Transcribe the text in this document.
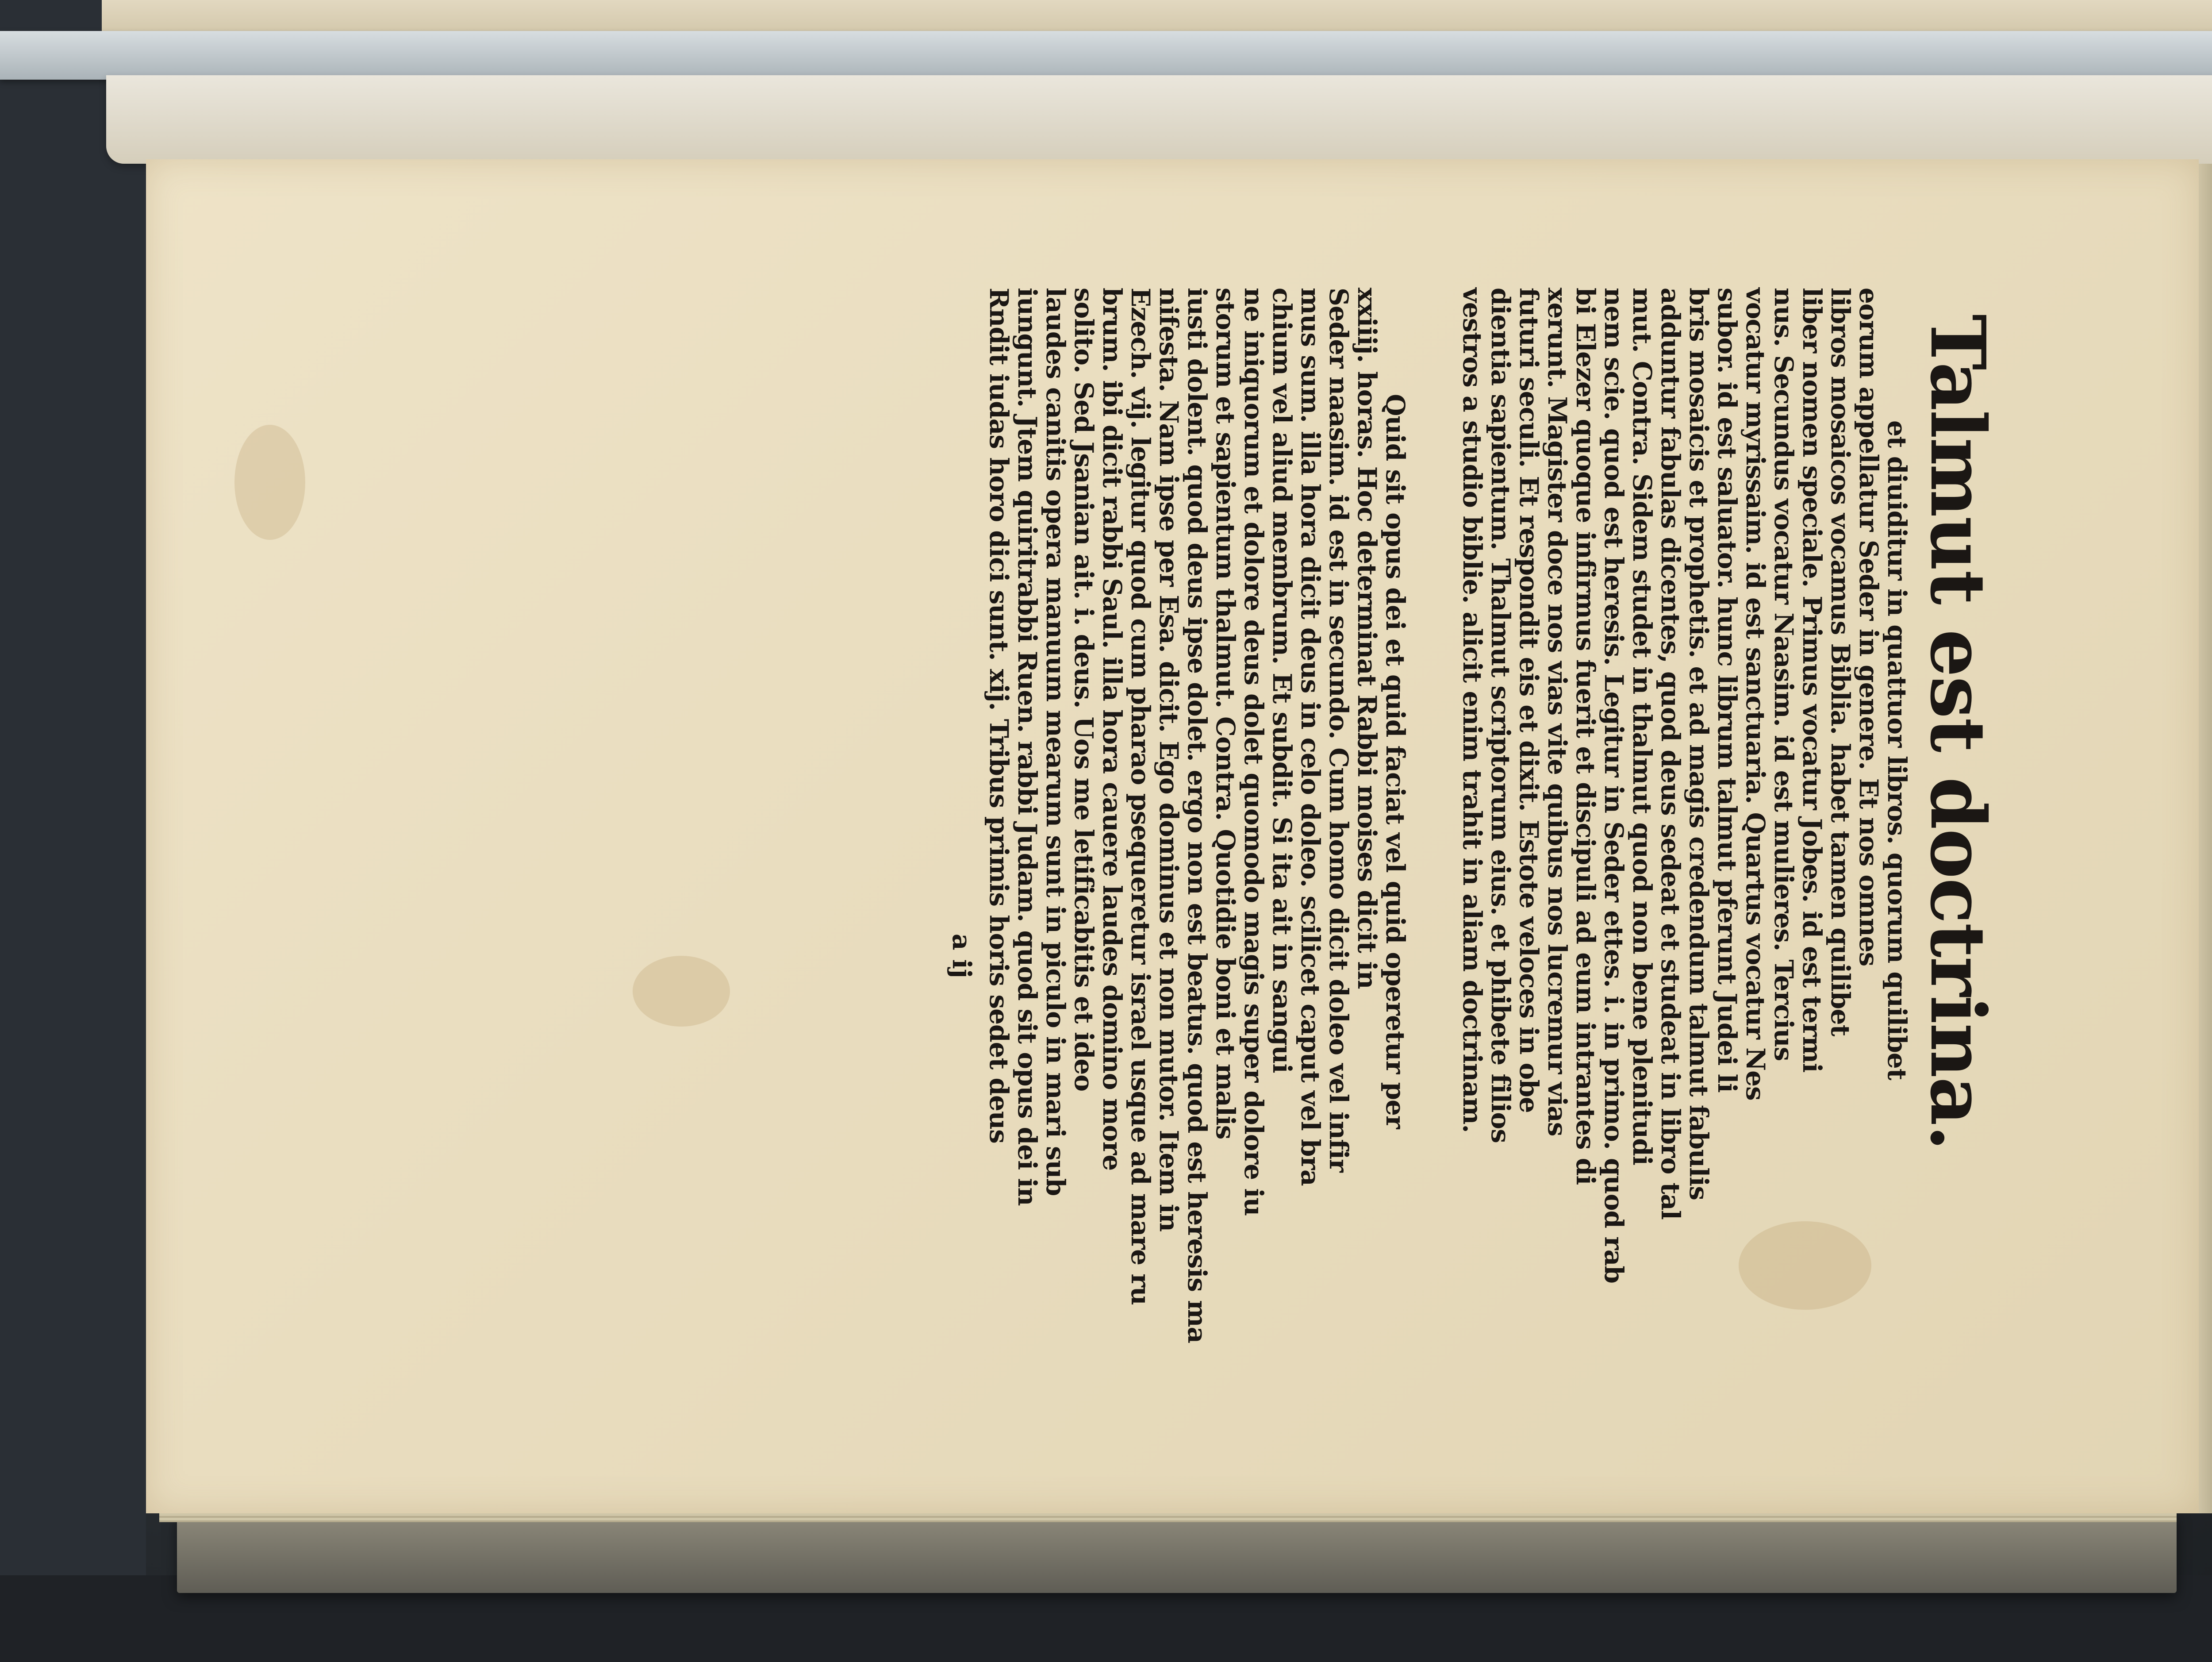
Talmut est doctrina.
et diuiditur in quattuor libros. quorum quilibet
eorum appellatur Seder in genere. Et nos omnes
libros mosaicos vocamus Biblia. habet tamen quilibet
liber nomen speciale. Primus vocatur Jobes. id est termi
nus. Secundus vocatur Naasim. id est mulieres. Tercius
vocatur myrissaim. id est sanctuaria. Quartus vocatur Nes
subor. id est saluator. hunc librum talmut pferunt Judei li
bris mosaicis et prophetis. et ad magis credendum talmut fabulis
adduntur fabulas dicentes, quod deus sedeat et studeat in libro tal
mut. Contra. Sidem studet in thalmut quod non bene plenitudi
nem scie. quod est heresis. Legitur in Seder ettes. i. in primo. quod rab
bi Elezer quoque infirmus fuerit et discipuli ad eum intrantes di
xerunt. Magister doce nos vias vite quibus nos lucremur vias
futuri seculi. Et respondit eis et dixit. Estote veloces in obe
dientia sapientum. Thalmut scriptorum eius. et phibete filios
vestros a studio biblie. alicit enim trahit in aliam doctrinam.
Quid sit opus dei et quid faciat vel quid operetur per
xxiiij. horas. Hoc determinat Rabbi moises dicit in
Seder naasim. id est in secundo. Cum homo dicit doleo vel infir
mus sum. illa hora dicit deus in celo doleo. scilicet caput vel bra
chium vel aliud membrum. Et subdit. Si ita ait in sangui
ne iniquorum et dolore deus dolet quomodo magis super dolore iu
storum et sapientum thalmut. Contra. Quotidie boni et malis
iusti dolent. quod deus ipse dolet. ergo non est beatus. quod est heresis ma
nifesta. Nam ipse per Esa. dicit. Ego dominus et non mutor. Item in
Ezech. vij. legitur quod cum pharao psequeretur israel usque ad mare ru
brum. ibi dicit rabbi Saul. illa hora cauere laudes domino more
solito. Sed Jsanian ait. i. deus. Uos me letificabitis et ideo
laudes canitis opera manuum mearum sunt in piculo in mari sub
iungunt. Jtem quiritrabbi Ruen. rabbi Judam. quod sit opus dei in
Rndit iudas horo dici sunt. xij. Tribus primis horis sedet deus
a ij
